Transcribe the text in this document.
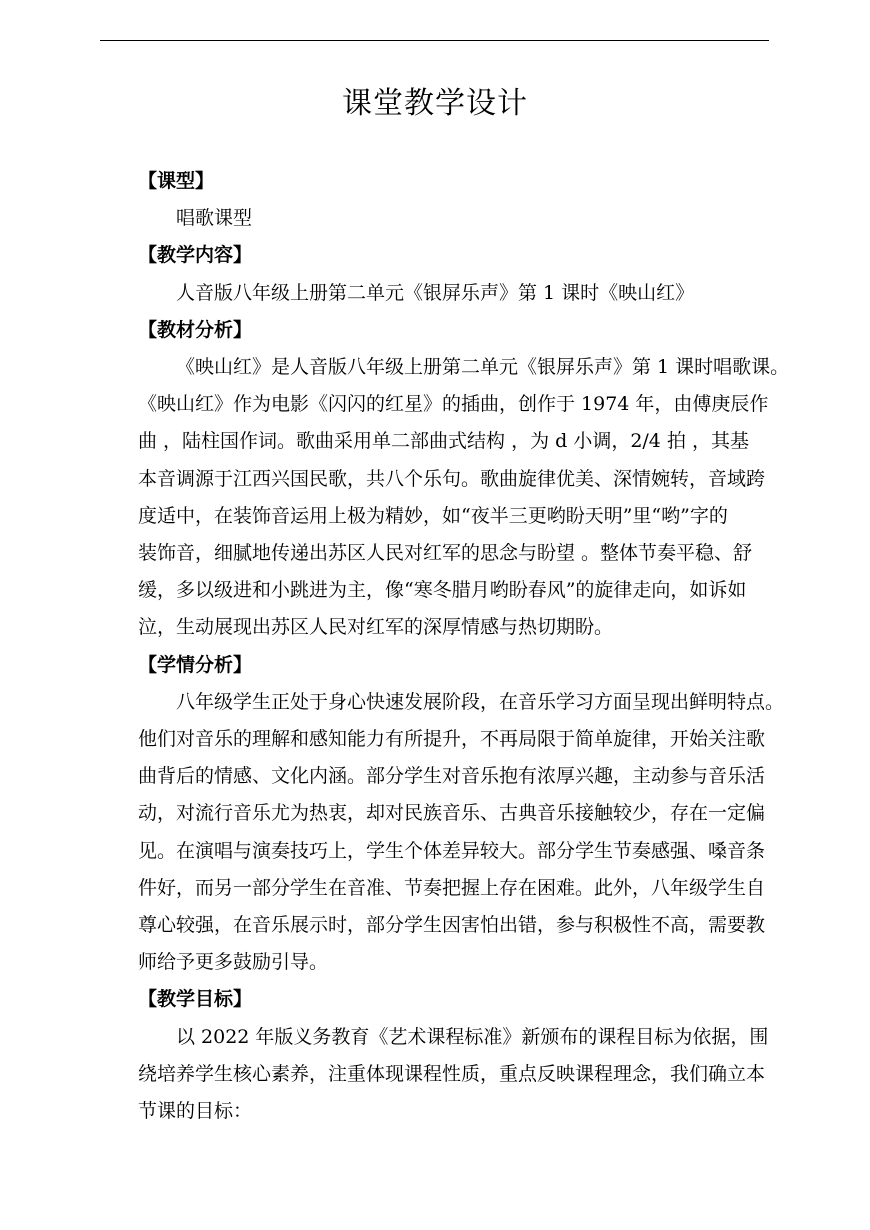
课堂教学设计
【课型】
唱歌课型
【教学内容】
人音版八年级上册第二单元《银屏乐声》第 1 课时《映山红》
【教材分析】
《映山红》是人音版八年级上册第二单元《银屏乐声》第 1 课时唱歌课。
《映山红》作为电影《闪闪的红星》的插曲，创作于 1974 年，由傅庚辰作
曲 ，陆柱国作词。歌曲采用单二部曲式结构 ，为 d 小调，2/4 拍 ，其基
本音调源于江西兴国民歌，共八个乐句。歌曲旋律优美、深情婉转，音域跨
度适中，在装饰音运用上极为精妙，如“夜半三更哟盼天明”里“哟”字的
装饰音，细腻地传递出苏区人民对红军的思念与盼望 。整体节奏平稳、舒
缓，多以级进和小跳进为主，像“寒冬腊月哟盼春风”的旋律走向，如诉如
泣，生动展现出苏区人民对红军的深厚情感与热切期盼。
【学情分析】
八年级学生正处于身心快速发展阶段，在音乐学习方面呈现出鲜明特点。
他们对音乐的理解和感知能力有所提升，不再局限于简单旋律，开始关注歌
曲背后的情感、文化内涵。部分学生对音乐抱有浓厚兴趣，主动参与音乐活
动，对流行音乐尤为热衷，却对民族音乐、古典音乐接触较少，存在一定偏
见。在演唱与演奏技巧上，学生个体差异较大。部分学生节奏感强、嗓音条
件好，而另一部分学生在音准、节奏把握上存在困难。此外，八年级学生自
尊心较强，在音乐展示时，部分学生因害怕出错，参与积极性不高，需要教
师给予更多鼓励引导。
【教学目标】
以 2022 年版义务教育《艺术课程标准》新颁布的课程目标为依据，围
绕培养学生核心素养，注重体现课程性质，重点反映课程理念，我们确立本
节课的目标：
